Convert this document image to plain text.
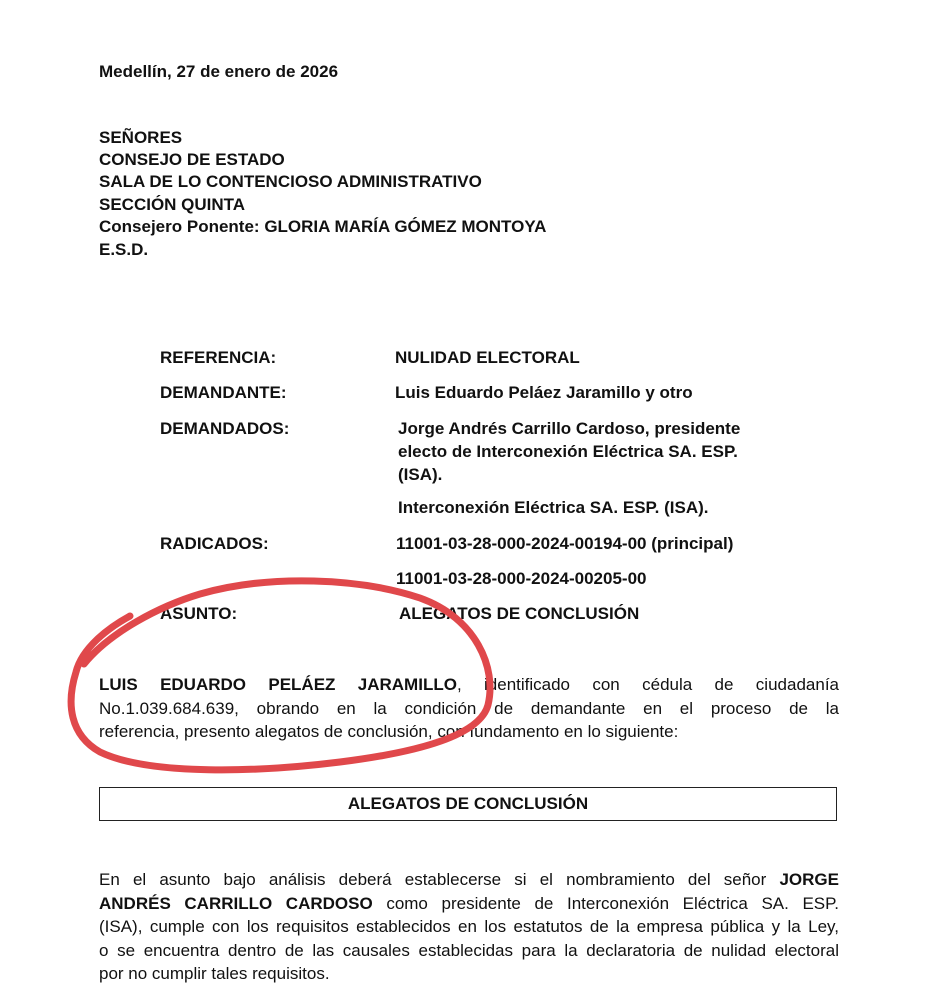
Medellín, 27 de enero de 2026
SEÑORES
CONSEJO DE ESTADO
SALA DE LO CONTENCIOSO ADMINISTRATIVO
SECCIÓN QUINTA
Consejero Ponente: GLORIA MARÍA GÓMEZ MONTOYA
E.S.D.
REFERENCIA:	NULIDAD ELECTORAL
DEMANDANTE:	Luis Eduardo Peláez Jaramillo y otro
DEMANDADOS:	Jorge Andrés Carrillo Cardoso, presidente
electo de Interconexión Eléctrica SA. ESP.
(ISA).
Interconexión Eléctrica SA. ESP. (ISA).
RADICADOS:	11001-03-28-000-2024-00194-00 (principal)
11001-03-28-000-2024-00205-00
ASUNTO:	ALEGATOS DE CONCLUSIÓN
LUIS EDUARDO PELÁEZ JARAMILLO, identificado con cédula de ciudadanía
No.1.039.684.639, obrando en la condición de demandante en el proceso de la
referencia, presento alegatos de conclusión, con fundamento en lo siguiente:
ALEGATOS DE CONCLUSIÓN
En el asunto bajo análisis deberá establecerse si el nombramiento del señor JORGE
ANDRÉS CARRILLO CARDOSO como presidente de Interconexión Eléctrica SA. ESP.
(ISA), cumple con los requisitos establecidos en los estatutos de la empresa pública y la Ley,
o se encuentra dentro de las causales establecidas para la declaratoria de nulidad electoral
por no cumplir tales requisitos.
